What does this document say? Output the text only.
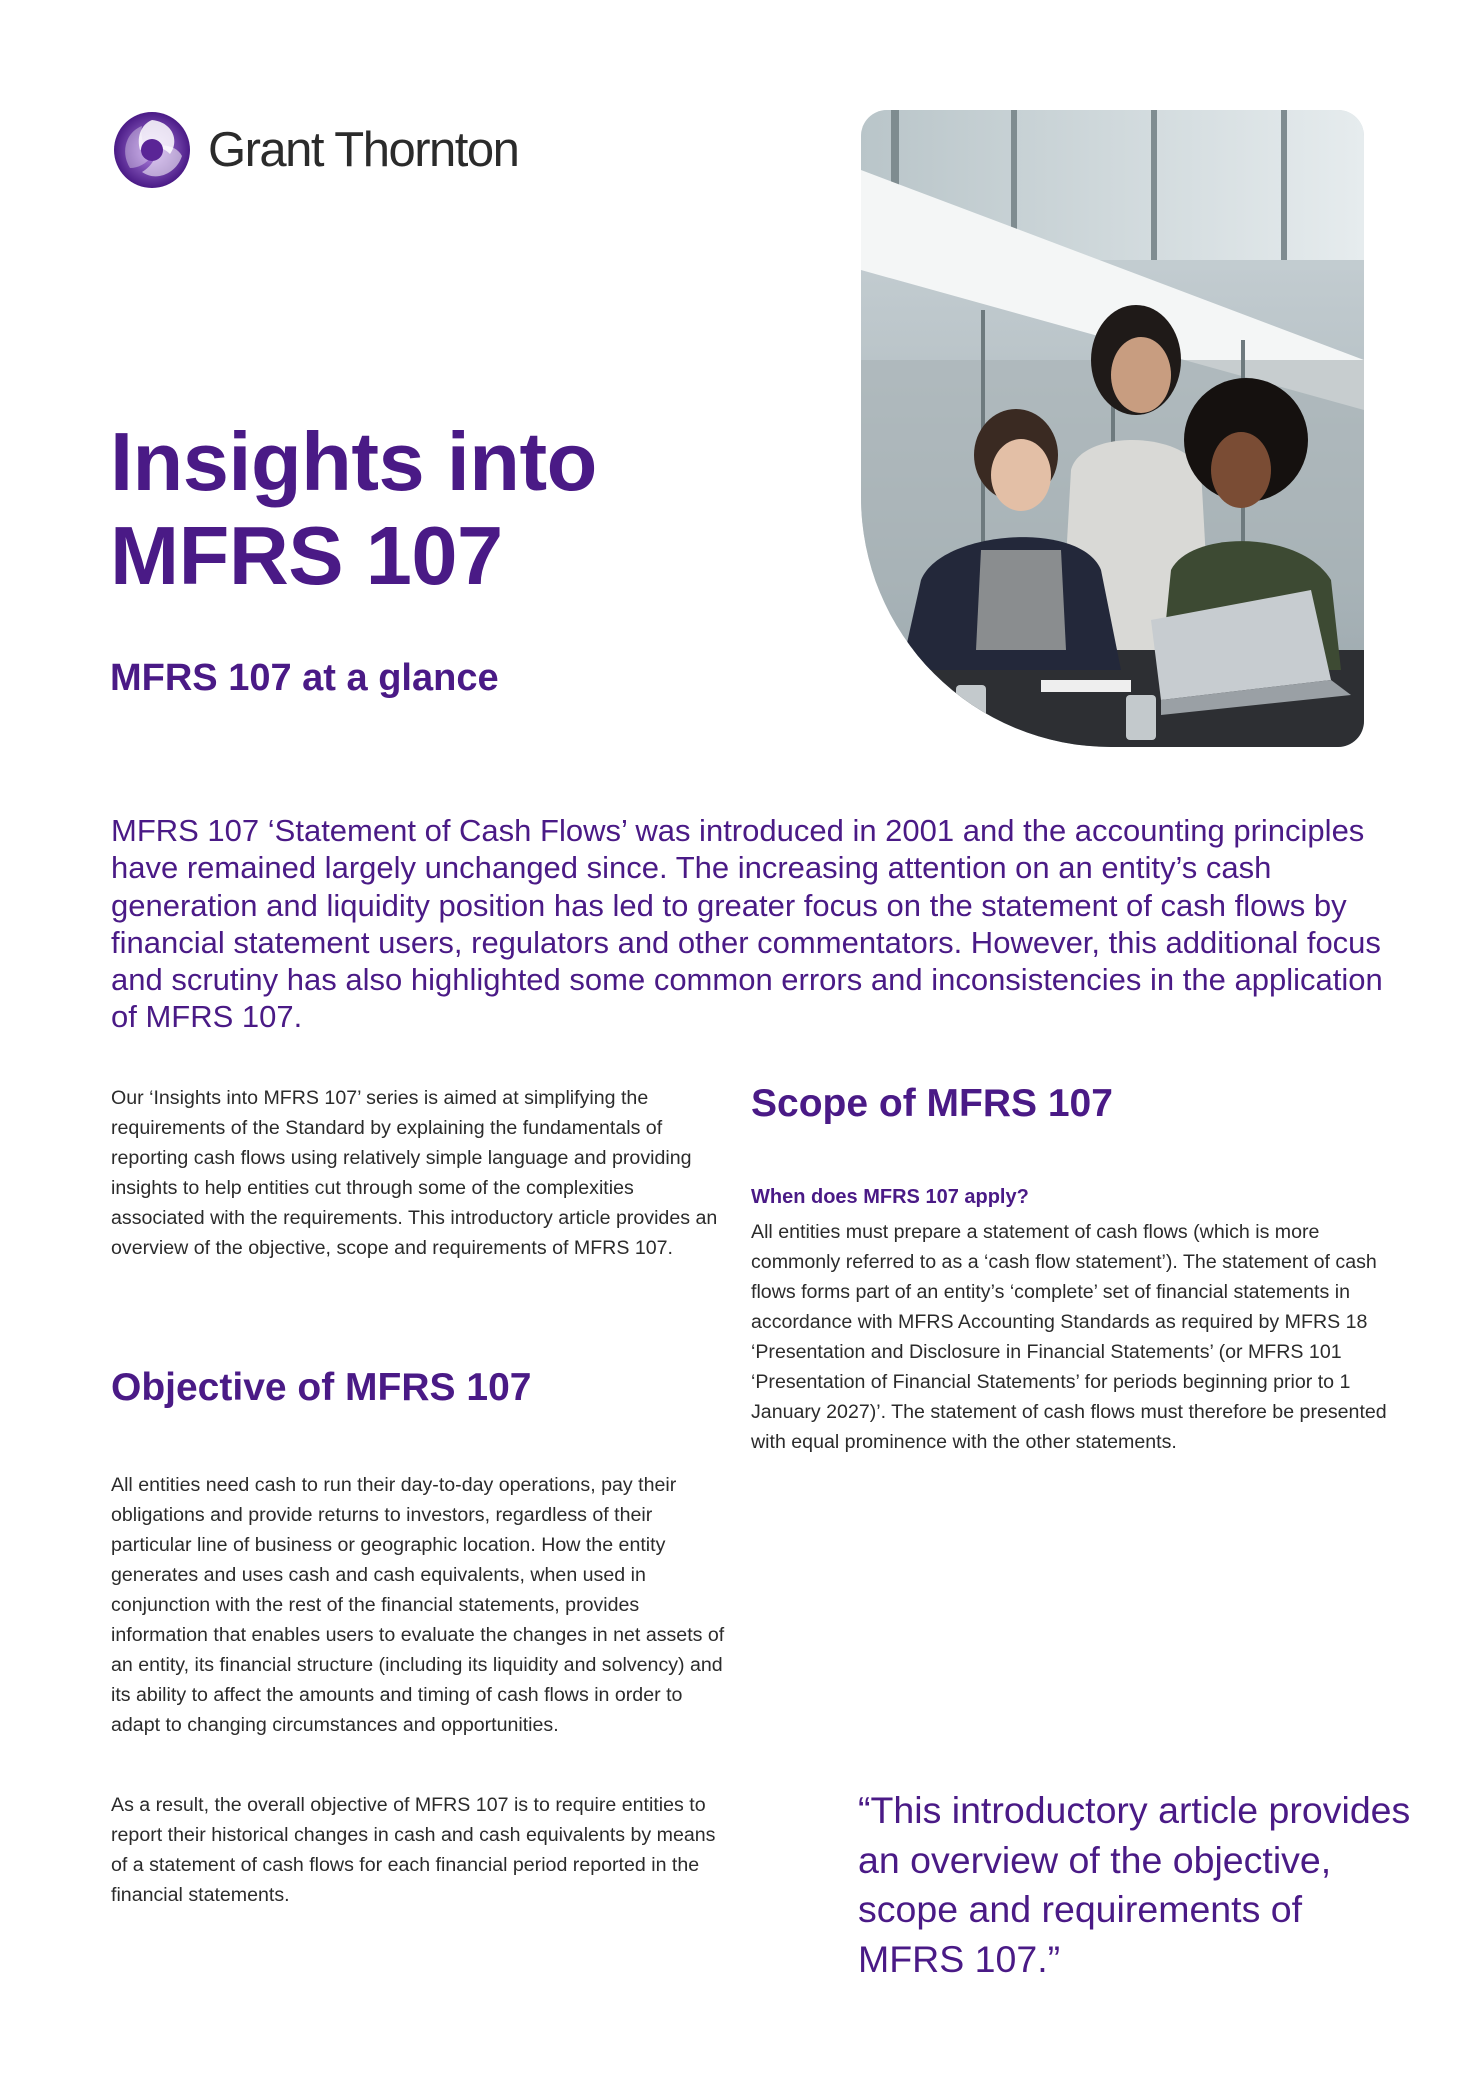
Grant Thornton
Insights into
MFRS 107
MFRS 107 at a glance

MFRS 107 ‘Statement of Cash Flows’ was introduced in 2001 and the accounting principles have remained largely unchanged since. The increasing attention on an entity’s cash generation and liquidity position has led to greater focus on the statement of cash flows by financial statement users, regulators and other commentators. However, this additional focus and scrutiny has also highlighted some common errors and inconsistencies in the application of MFRS 107.

Our ‘Insights into MFRS 107’ series is aimed at simplifying the requirements of the Standard by explaining the fundamentals of reporting cash flows using relatively simple language and providing insights to help entities cut through some of the complexities associated with the requirements. This introductory article provides an overview of the objective, scope and requirements of MFRS 107.

Objective of MFRS 107

All entities need cash to run their day-to-day operations, pay their obligations and provide returns to investors, regardless of their particular line of business or geographic location. How the entity generates and uses cash and cash equivalents, when used in conjunction with the rest of the financial statements, provides information that enables users to evaluate the changes in net assets of an entity, its financial structure (including its liquidity and solvency) and its ability to affect the amounts and timing of cash flows in order to adapt to changing circumstances and opportunities.

As a result, the overall objective of MFRS 107 is to require entities to report their historical changes in cash and cash equivalents by means of a statement of cash flows for each financial period reported in the financial statements.

Scope of MFRS 107
When does MFRS 107 apply?

All entities must prepare a statement of cash flows (which is more commonly referred to as a ‘cash flow statement’). The statement of cash flows forms part of an entity’s ‘complete’ set of financial statements in accordance with MFRS Accounting Standards as required by MFRS 18 ‘Presentation and Disclosure in Financial Statements’ (or MFRS 101 ‘Presentation of Financial Statements’ for periods beginning prior to 1 January 2027)’. The statement of cash flows must therefore be presented with equal prominence with the other statements.

“This introductory article provides an overview of the objective, scope and requirements of MFRS 107.”
